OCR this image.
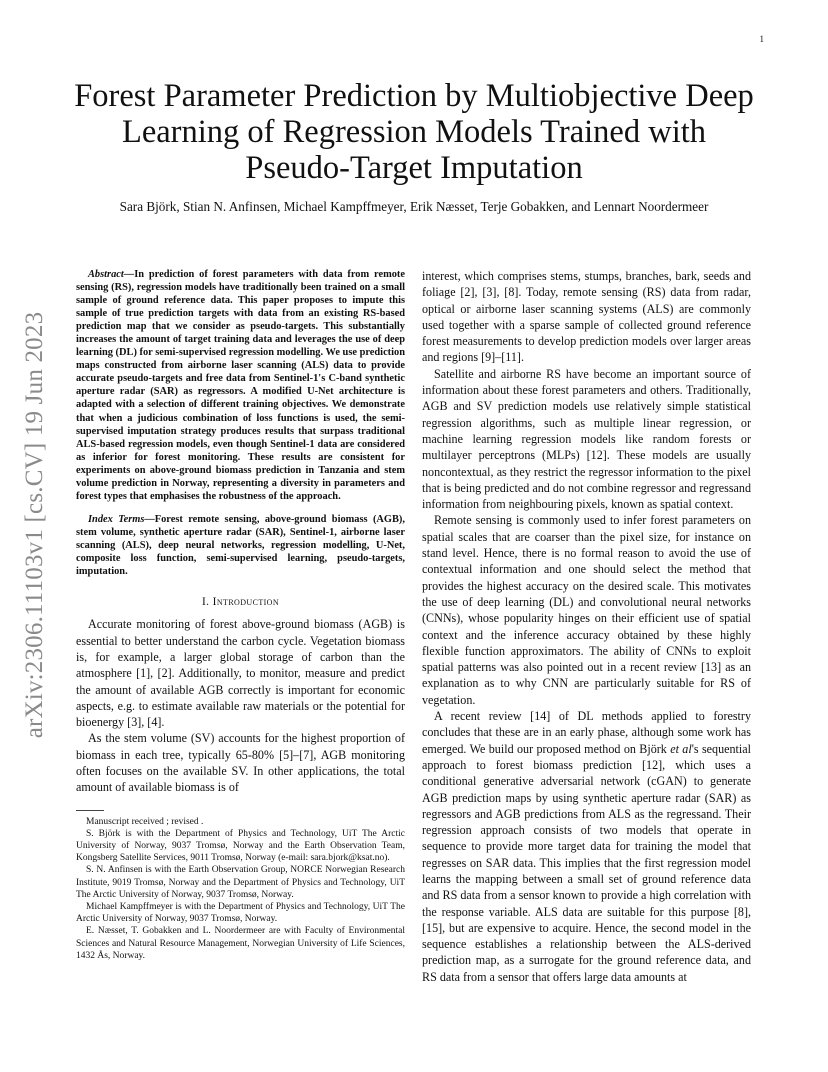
1
Forest Parameter Prediction by Multiobjective Deep
Learning of Regression Models Trained with
Pseudo-Target Imputation
Sara Björk, Stian N. Anfinsen, Michael Kampffmeyer, Erik Næsset, Terje Gobakken, and Lennart Noordermeer
arXiv:2306.11103v1 [cs.CV] 19 Jun 2023

Abstract—In prediction of forest parameters with data from remote sensing (RS), regression models have traditionally been trained on a small sample of ground reference data. This paper proposes to impute this sample of true prediction targets with data from an existing RS-based prediction map that we consider as pseudo-targets. This substantially increases the amount of target training data and leverages the use of deep learning (DL) for semi-supervised regression modelling. We use prediction maps constructed from airborne laser scanning (ALS) data to provide accurate pseudo-targets and free data from Sentinel-1's C-band synthetic aperture radar (SAR) as regressors. A modified U-Net architecture is adapted with a selection of different training objectives. We demonstrate that when a judicious combination of loss functions is used, the semi-supervised imputation strategy produces results that surpass traditional ALS-based regression models, even though Sentinel-1 data are considered as inferior for forest monitoring. These results are consistent for experiments on above-ground biomass prediction in Tanzania and stem volume prediction in Norway, representing a diversity in parameters and forest types that emphasises the robustness of the approach.

Index Terms—Forest remote sensing, above-ground biomass (AGB), stem volume, synthetic aperture radar (SAR), Sentinel-1, airborne laser scanning (ALS), deep neural networks, regression modelling, U-Net, composite loss function, semi-supervised learning, pseudo-targets, imputation.

I. Introduction

Accurate monitoring of forest above-ground biomass (AGB) is essential to better understand the carbon cycle. Vegetation biomass is, for example, a larger global storage of carbon than the atmosphere [1], [2]. Additionally, to monitor, measure and predict the amount of available AGB correctly is important for economic aspects, e.g. to estimate available raw materials or the potential for bioenergy [3], [4].

As the stem volume (SV) accounts for the highest proportion of biomass in each tree, typically 65-80% [5]–[7], AGB monitoring often focuses on the available SV. In other applications, the total amount of available biomass is of

Manuscript received ; revised .

S. Björk is with the Department of Physics and Technology, UiT The Arctic University of Norway, 9037 Tromsø, Norway and the Earth Observation Team, Kongsberg Satellite Services, 9011 Tromsø, Norway (e-mail: sara.bjork@ksat.no).

S. N. Anfinsen is with the Earth Observation Group, NORCE Norwegian Research Institute, 9019 Tromsø, Norway and the Department of Physics and Technology, UiT The Arctic University of Norway, 9037 Tromsø, Norway.

Michael Kampffmeyer is with the Department of Physics and Technology, UiT The Arctic University of Norway, 9037 Tromsø, Norway.

E. Næsset, T. Gobakken and L. Noordermeer are with Faculty of Environmental Sciences and Natural Resource Management, Norwegian University of Life Sciences, 1432 Ås, Norway.

interest, which comprises stems, stumps, branches, bark, seeds and foliage [2], [3], [8]. Today, remote sensing (RS) data from radar, optical or airborne laser scanning systems (ALS) are commonly used together with a sparse sample of collected ground reference forest measurements to develop prediction models over larger areas and regions [9]–[11].

Satellite and airborne RS have become an important source of information about these forest parameters and others. Traditionally, AGB and SV prediction models use relatively simple statistical regression algorithms, such as multiple linear regression, or machine learning regression models like random forests or multilayer perceptrons (MLPs) [12]. These models are usually noncontextual, as they restrict the regressor information to the pixel that is being predicted and do not combine regressor and regressand information from neighbouring pixels, known as spatial context.

Remote sensing is commonly used to infer forest parameters on spatial scales that are coarser than the pixel size, for instance on stand level. Hence, there is no formal reason to avoid the use of contextual information and one should select the method that provides the highest accuracy on the desired scale. This motivates the use of deep learning (DL) and convolutional neural networks (CNNs), whose popularity hinges on their efficient use of spatial context and the inference accuracy obtained by these highly flexible function approximators. The ability of CNNs to exploit spatial patterns was also pointed out in a recent review [13] as an explanation as to why CNN are particularly suitable for RS of vegetation.

A recent review [14] of DL methods applied to forestry concludes that these are in an early phase, although some work has emerged. We build our proposed method on Björk et al's sequential approach to forest biomass prediction [12], which uses a conditional generative adversarial network (cGAN) to generate AGB prediction maps by using synthetic aperture radar (SAR) as regressors and AGB predictions from ALS as the regressand. Their regression approach consists of two models that operate in sequence to provide more target data for training the model that regresses on SAR data. This implies that the first regression model learns the mapping between a small set of ground reference data and RS data from a sensor known to provide a high correlation with the response variable. ALS data are suitable for this purpose [8], [15], but are expensive to acquire. Hence, the second model in the sequence establishes a relationship between the ALS-derived prediction map, as a surrogate for the ground reference data, and RS data from a sensor that offers large data amounts at
